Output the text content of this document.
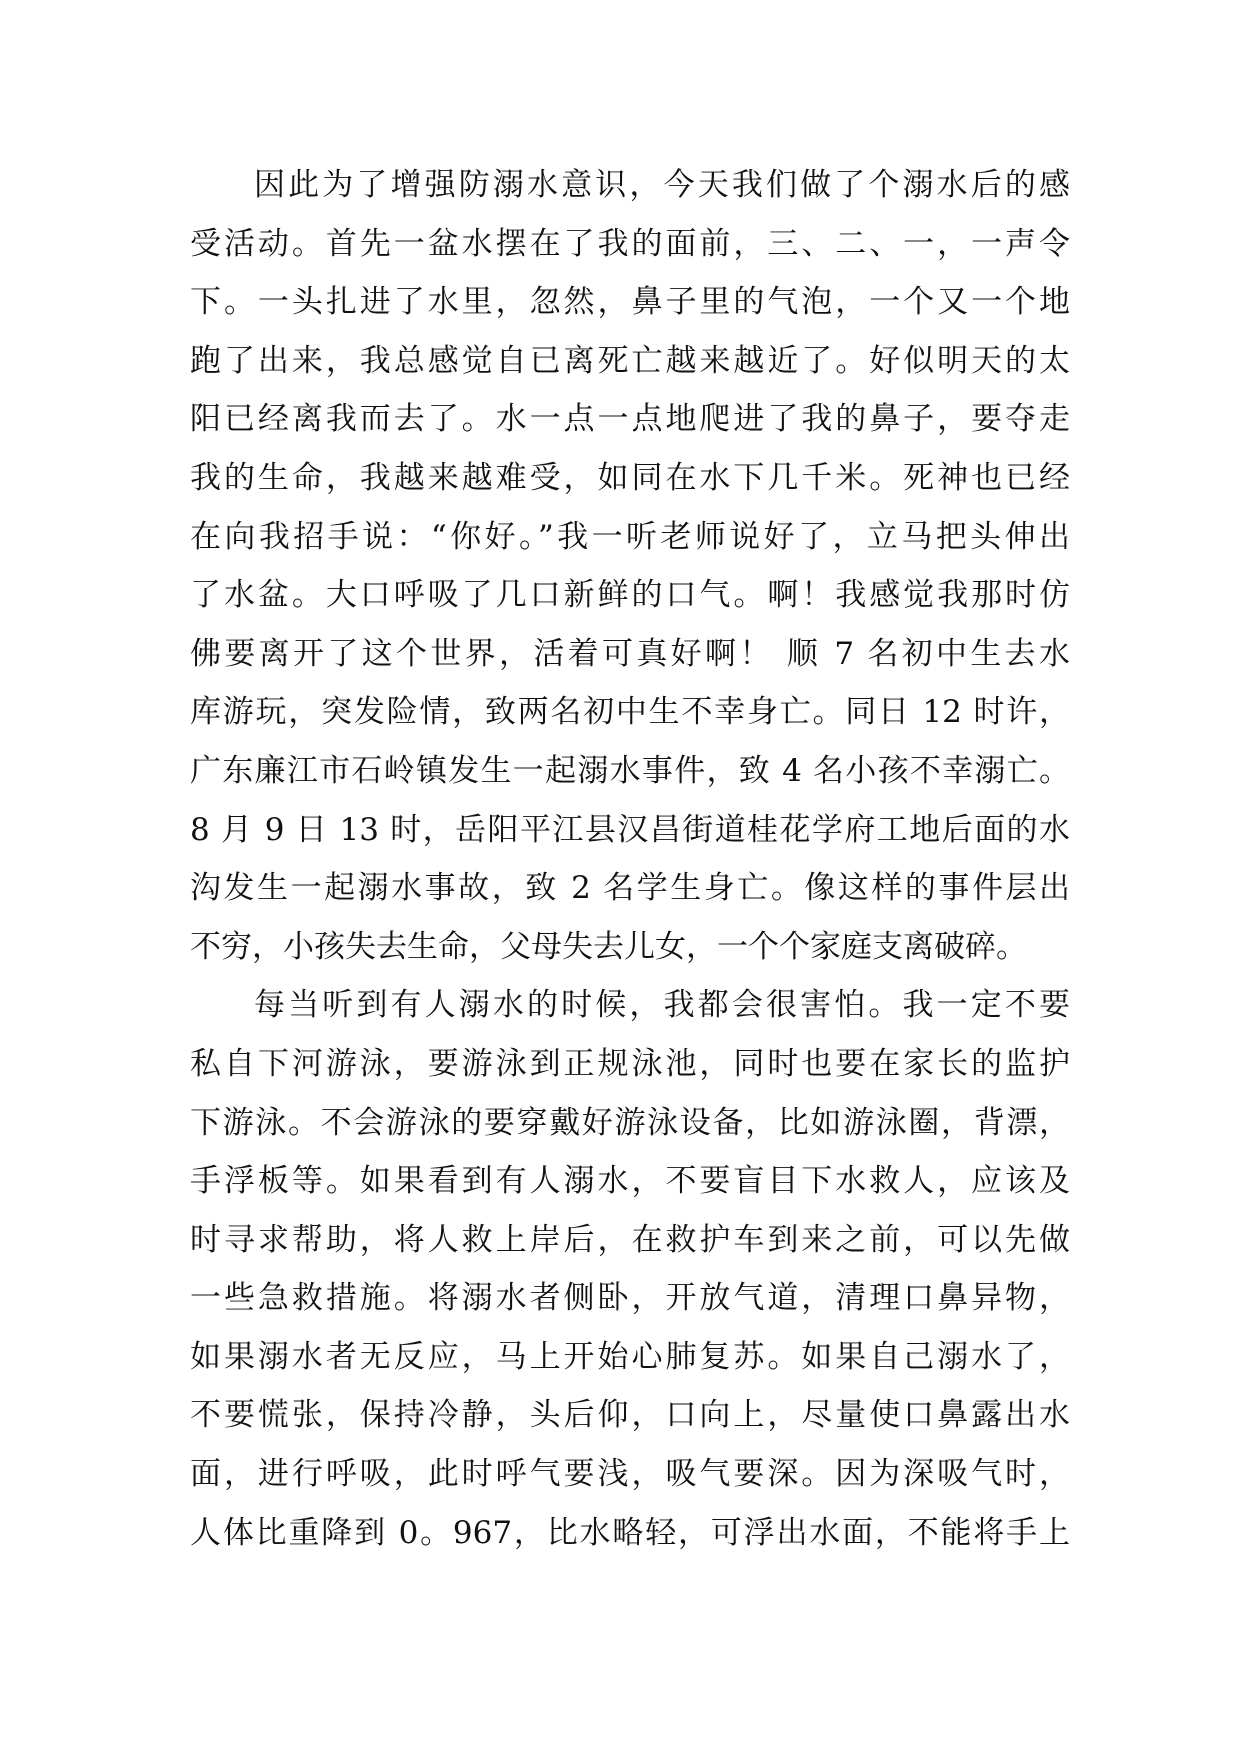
因此为了增强防溺水意识，今天我们做了个溺水后的感
受活动。首先一盆水摆在了我的面前，三、二、一，一声令
下。一头扎进了水里，忽然，鼻子里的气泡，一个又一个地
跑了出来，我总感觉自已离死亡越来越近了。好似明天的太
阳已经离我而去了。水一点一点地爬进了我的鼻子，要夺走
我的生命，我越来越难受，如同在水下几千米。死神也已经
在向我招手说：“你好。”我一听老师说好了，立马把头伸出
了水盆。大口呼吸了几口新鲜的口气。啊！我感觉我那时仿
佛要离开了这个世界，活着可真好啊！ 顺 7 名初中生去水
库游玩，突发险情，致两名初中生不幸身亡。同日 12 时许，
广东廉江市石岭镇发生一起溺水事件，致 4 名小孩不幸溺亡。
8 月 9 日 13 时，岳阳平江县汉昌街道桂花学府工地后面的水
沟发生一起溺水事故，致 2 名学生身亡。像这样的事件层出
不穷，小孩失去生命，父母失去儿女，一个个家庭支离破碎。
每当听到有人溺水的时候，我都会很害怕。我一定不要
私自下河游泳，要游泳到正规泳池，同时也要在家长的监护
下游泳。不会游泳的要穿戴好游泳设备，比如游泳圈，背漂，
手浮板等。如果看到有人溺水，不要盲目下水救人，应该及
时寻求帮助，将人救上岸后，在救护车到来之前，可以先做
一些急救措施。将溺水者侧卧，开放气道，清理口鼻异物，
如果溺水者无反应，马上开始心肺复苏。如果自己溺水了，
不要慌张，保持冷静，头后仰，口向上，尽量使口鼻露出水
面，进行呼吸，此时呼气要浅，吸气要深。因为深吸气时，
人体比重降到 0。967，比水略轻，可浮出水面，不能将手上
